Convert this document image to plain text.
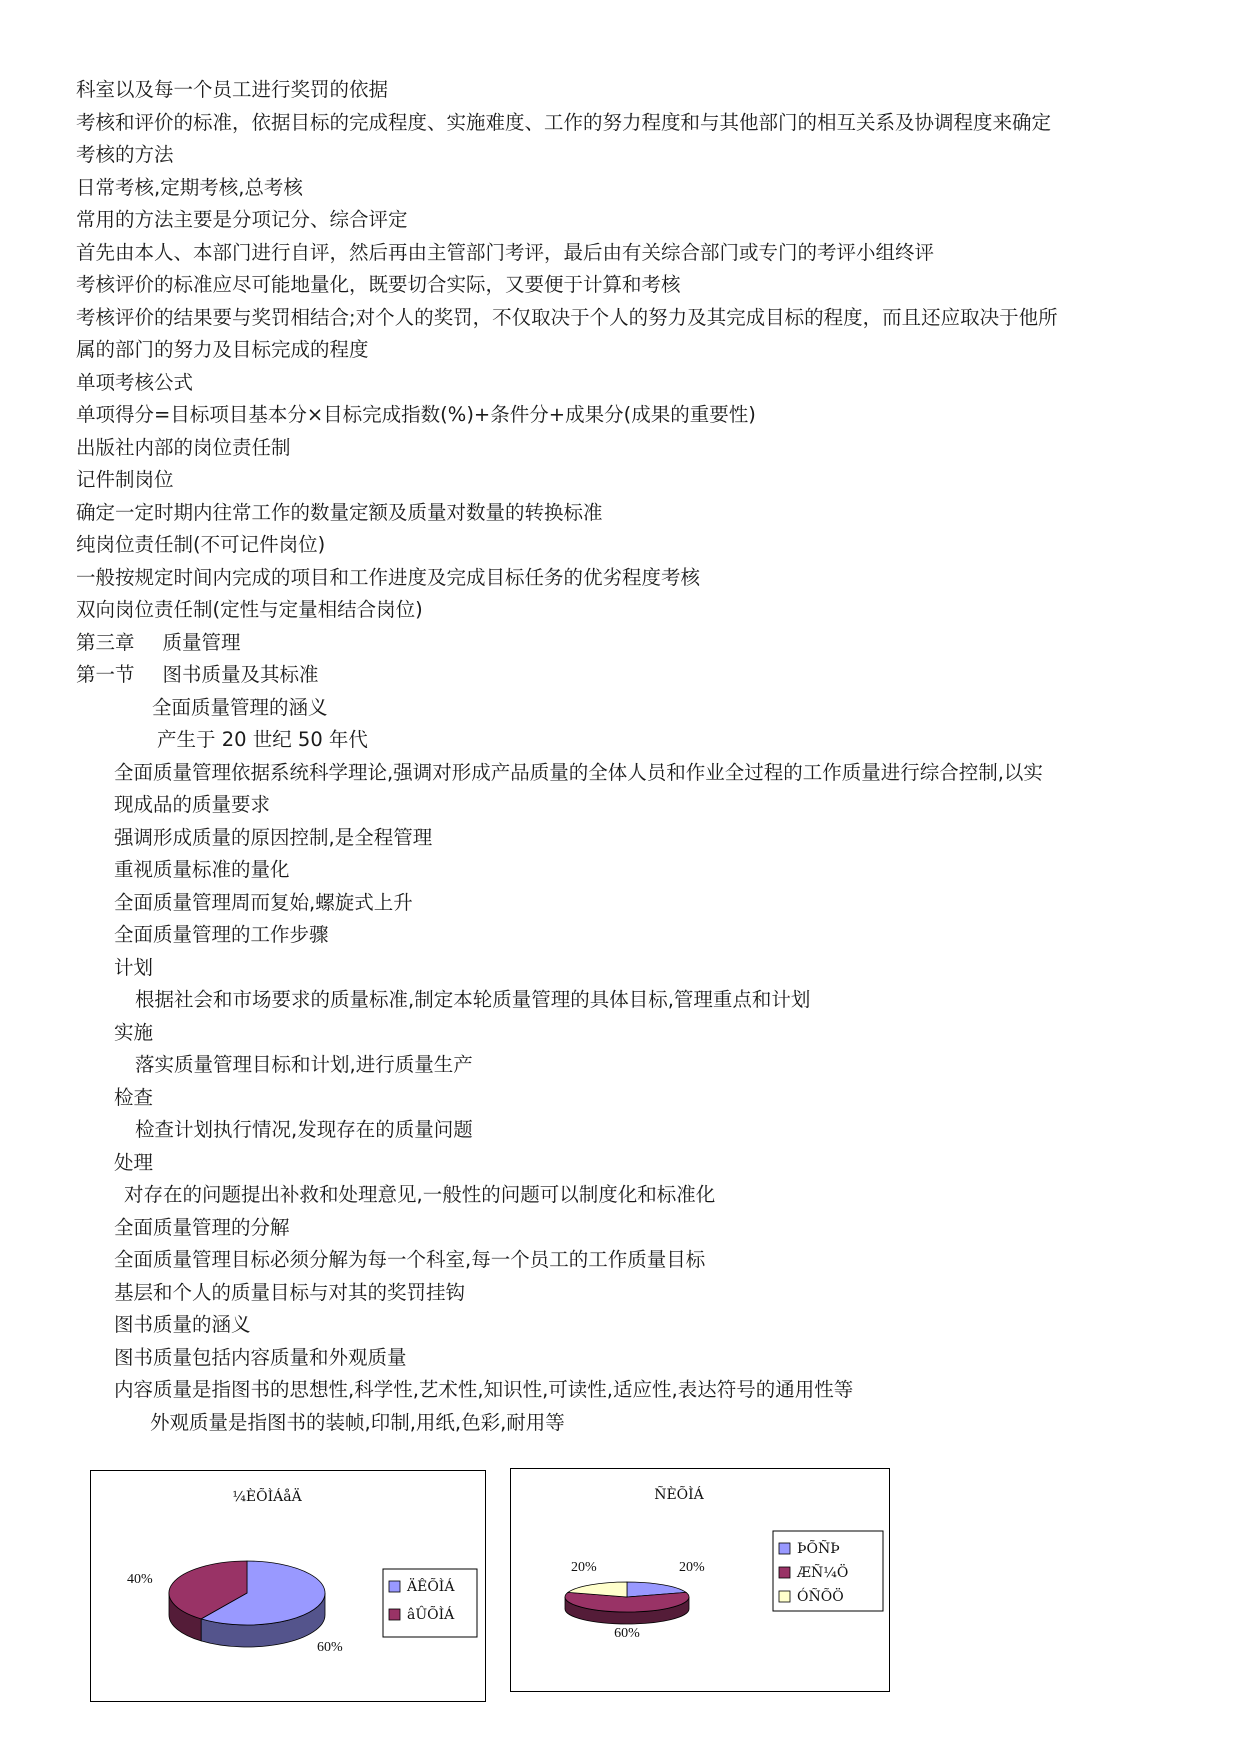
科室以及每一个员工进行奖罚的依据
考核和评价的标准，依据目标的完成程度、实施难度、工作的努力程度和与其他部门的相互关系及协调程度来确定
考核的方法
日常考核,定期考核,总考核
常用的方法主要是分项记分、综合评定
首先由本人、本部门进行自评，然后再由主管部门考评，最后由有关综合部门或专门的考评小组终评
考核评价的标准应尽可能地量化，既要切合实际，又要便于计算和考核
考核评价的结果要与奖罚相结合;对个人的奖罚，不仅取决于个人的努力及其完成目标的程度，而且还应取决于他所
属的部门的努力及目标完成的程度
单项考核公式
单项得分=目标项目基本分×目标完成指数(%)+条件分+成果分(成果的重要性)
出版社内部的岗位责任制
记件制岗位
确定一定时期内往常工作的数量定额及质量对数量的转换标准
纯岗位责任制(不可记件岗位)
一般按规定时间内完成的项目和工作进度及完成目标任务的优劣程度考核
双向岗位责任制(定性与定量相结合岗位)
第三章 质量管理
第一节 图书质量及其标准
全面质量管理的涵义
产生于 20 世纪 50 年代
全面质量管理依据系统科学理论,强调对形成产品质量的全体人员和作业全过程的工作质量进行综合控制,以实
现成品的质量要求
强调形成质量的原因控制,是全程管理
重视质量标准的量化
全面质量管理周而复始,螺旋式上升
全面质量管理的工作步骤
计划
根据社会和市场要求的质量标准,制定本轮质量管理的具体目标,管理重点和计划
实施
落实质量管理目标和计划,进行质量生产
检查
检查计划执行情况,发现存在的质量问题
处理
对存在的问题提出补救和处理意见,一般性的问题可以制度化和标准化
全面质量管理的分解
全面质量管理目标必须分解为每一个科室,每一个员工的工作质量目标
基层和个人的质量目标与对其的奖罚挂钩
图书质量的涵义
图书质量包括内容质量和外观质量
内容质量是指图书的思想性,科学性,艺术性,知识性,可读性,适应性,表达符号的通用性等
外观质量是指图书的装帧,印制,用纸,色彩,耐用等
¼ÈÕÌÁåÄ
ÄÊÕÌÁ
âÛÕÌÁ
60%
40%
ÑÈÕÌÁ
ÞÕÑÞ
ÆÑ¼Ö
ÓÑÕÖ
20%
60%
20%
